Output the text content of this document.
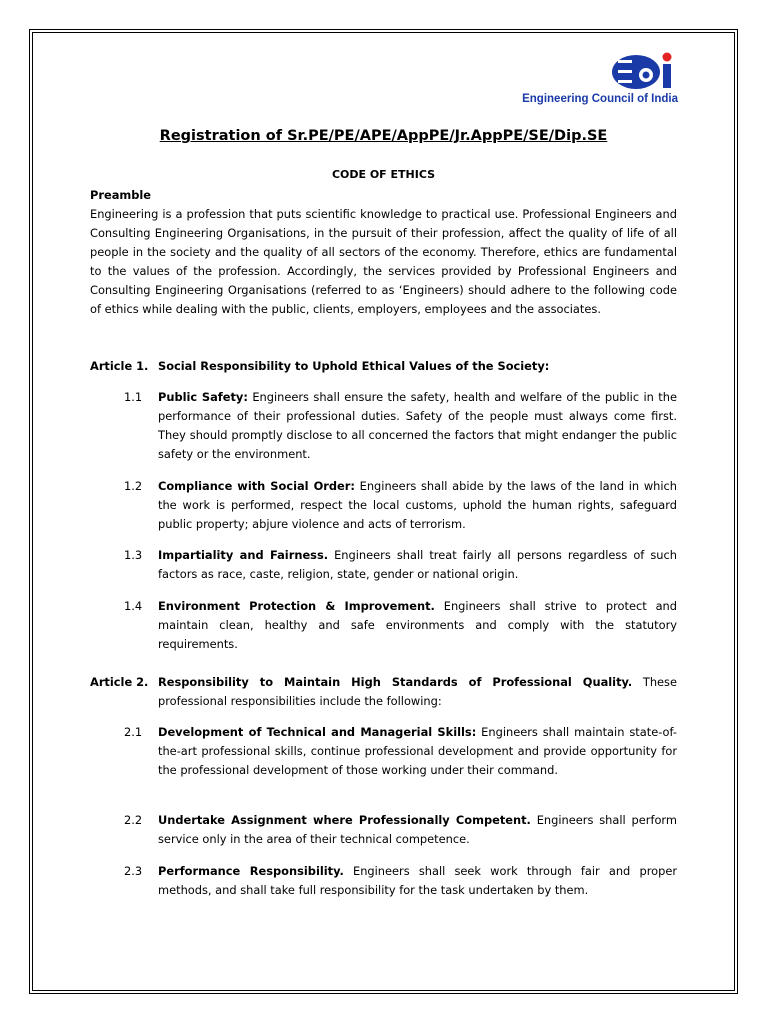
Engineering Council of India
Registration of Sr.PE/PE/APE/AppPE/Jr.AppPE/SE/Dip.SE
CODE OF ETHICS
Preamble

Engineering is a profession that puts scientific knowledge to practical use. Professional Engineers and Consulting Engineering Organisations, in the pursuit of their profession, affect the quality of life of all people in the society and the quality of all sectors of the economy. Therefore, ethics are fundamental to the values of the profession. Accordingly, the services provided by Professional Engineers and Consulting Engineering Organisations (referred to as ‘Engineers) should adhere to the following code of ethics while dealing with the public, clients, employers, employees and the associates.

Article 1. Social Responsibility to Uphold Ethical Values of the Society:
1.1 Public Safety: Engineers shall ensure the safety, health and welfare of the public in the performance of their professional duties. Safety of the people must always come first. They should promptly disclose to all concerned the factors that might endanger the public safety or the environment.

1.2 Compliance with Social Order: Engineers shall abide by the laws of the land in which the work is performed, respect the local customs, uphold the human rights, safeguard public property; abjure violence and acts of terrorism.

1.3 Impartiality and Fairness. Engineers shall treat fairly all persons regardless of such factors as race, caste, religion, state, gender or national origin.

1.4 Environment Protection & Improvement. Engineers shall strive to protect and maintain clean, healthy and safe environments and comply with the statutory requirements.

Article 2. Responsibility to Maintain High Standards of Professional Quality. These professional responsibilities include the following:

2.1 Development of Technical and Managerial Skills: Engineers shall maintain state-of-the-art professional skills, continue professional development and provide opportunity for the professional development of those working under their command.

2.2 Undertake Assignment where Professionally Competent. Engineers shall perform service only in the area of their technical competence.

2.3 Performance Responsibility. Engineers shall seek work through fair and proper methods, and shall take full responsibility for the task undertaken by them.
